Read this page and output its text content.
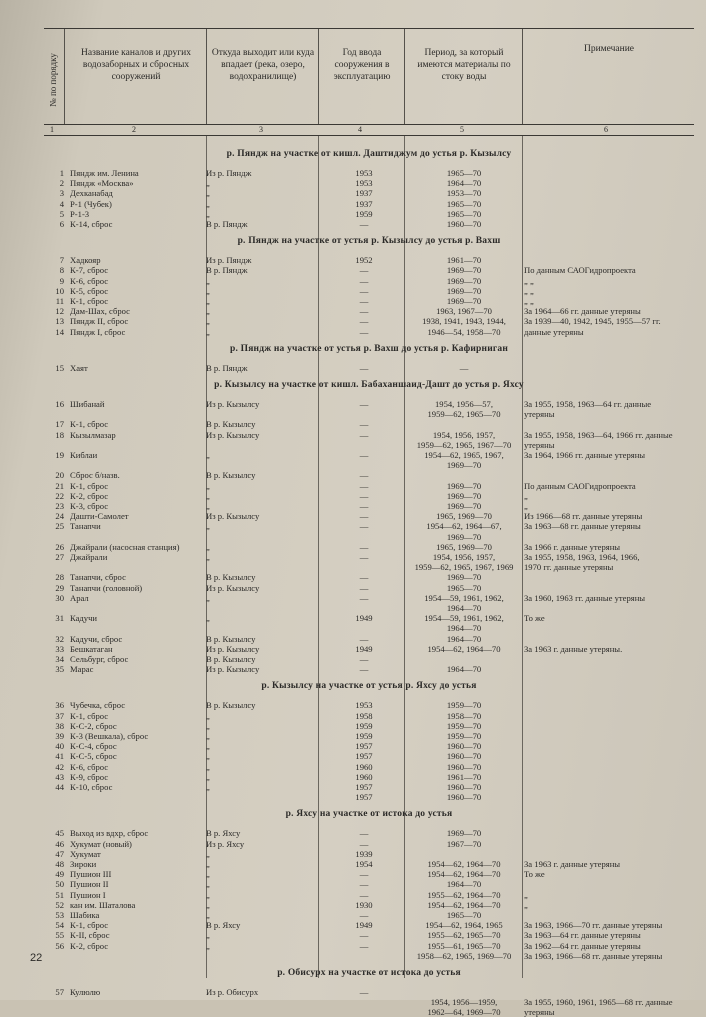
№ по порядку
Название каналов и других водозаборных и сбросных сооружений
Откуда выходит или куда впадает (река, озеро, водохранилище)
Год ввода сооружения в эксплуатацию
Период, за который имеются материалы по стоку воды
Примечание
1	2	3	4	5	6
р. Пяндж на участке от кишл. Даштиджум до устья р. Кызылсу
1 Пяндж им. Ленина	Из р. Пяндж	1953	1965—70
2 Пяндж «Москва»	„	1953	1964—70
3 Дехканабад	„	1937	1953—70
4 Р-1 (Чубек)	„	1937	1965—70
5 Р-1-3	„	1959	1965—70
6 К-14, сброс	В р. Пяндж	—	1960—70
р. Пяндж на участке от устья р. Кызылсу до устья р. Вахш
7 Хадкояр	Из р. Пяндж	1952	1961—70
8 К-7, сброс	В р. Пяндж	—	1969—70	По данным САОГидропроекта
9 К-6, сброс	„	—	1969—70	„ „
10 К-5, сброс	„	—	1969—70	„ „
11 К-1, сброс	„	—	1969—70	„ „
12 Дам-Шах, сброс	„	—	1963, 1967—70	За 1964—66 гг. данные утеряны
13 Пяндж II, сброс	„	—	1938, 1941, 1943, 1944,	За 1939—40, 1942, 1945, 1955—57 гг.
14 Пяндж I, сброс	„	—	1946—54, 1958—70	данные утеряны
р. Пяндж на участке от устья р. Вахш до устья р. Кафирниган
15 Хаят	В р. Пяндж	—	—
р. Кызылсу на участке от кишл. Бабаханшаид-Дашт до устья р. Яхсу
16 Шибанай	Из р. Кызылсу	—	1954, 1956—57,	За 1955, 1958, 1963—64 гг. данные
1959—62, 1965—70	утеряны
17 К-1, сброс	В р. Кызылсу	—
18 Кызылмазар	Из р. Кызылсу	—	1954, 1956, 1957,	За 1955, 1958, 1963—64, 1966 гг. данные
1959—62, 1965, 1967—70	утеряны
19 Киблаи	„	—	1954—62, 1965, 1967,	За 1964, 1966 гг. данные утеряны
1969—70
20 Сброс б/назв.	В р. Кызылсу	—
21 К-1, сброс	„	—	1969—70	По данным САОГидропроекта
22 К-2, сброс	„	—	1969—70	„
23 К-3, сброс	„	—	1969—70	„
24 Дашти-Самолет	Из р. Кызылсу	—	1965, 1969—70	Из 1966—68 гг. данные утеряны
25 Танапчи	„	—	1954—62, 1964—67,	За 1963—68 гг. данные утеряны
1969—70
26 Джайрали (насосная станция)	„	—	1965, 1969—70	За 1966 г. данные утеряны
27 Джайрали	„	—	1954, 1956, 1957,	За 1955, 1958, 1963, 1964, 1966,
1959—62, 1965, 1967, 1969	1970 гг. данные утеряны
28 Танапчи, сброс	В р. Кызылсу	—	1969—70
29 Танапчи (головной)	Из р. Кызылсу	—	1965—70
30 Арал	„	—	1954—59, 1961, 1962,	За 1960, 1963 гг. данные утеряны
1964—70
31 Кадучи	„	1949	1954—59, 1961, 1962,	То же
1964—70
32 Кадучи, сброс	В р. Кызылсу	—	1964—70
33 Бешкатаган	Из р. Кызылсу	1949	1954—62, 1964—70	За 1963 г. данные утеряны.
34 Сельбург, сброс	В р. Кызылсу	—
35 Марас	Из р. Кызылсу	—	1964—70
р. Кызылсу на участке от устья р. Яхсу до устья
36 Чубечка, сброс	В р. Кызылсу	1953	1959—70
37 К-1, сброс	„	1958	1958—70
38 К-С-2, сброс	„	1959	1959—70
39 К-3 (Вешкала), сброс	„	1959	1959—70
40 К-С-4, сброс	„	1957	1960—70
41 К-С-5, сброс	„	1957	1960—70
42 К-6, сброс	„	1960	1960—70
43 К-9, сброс	„	1960	1961—70
44 К-10, сброс	„	1957	1960—70
1957	1960—70
р. Яхсу на участке от истока до устья
45 Выход из вдхр, сброс	В р. Яхсу	—	1969—70
46 Хукумат (новый)	Из р. Яхсу	—	1967—70
47 Хукумат	„	1939
48 Зироки	„	1954	1954—62, 1964—70	За 1963 г. данные утеряны
49 Пушион III	„	—	1954—62, 1964—70	То же
50 Пушион II	„	—	1964—70
51 Пушион I	„	—	1955—62, 1964—70	„
52 кан им. Шаталова	„	1930	1954—62, 1964—70	„
53 Шабика	„	—	1965—70
54 К-1, сброс	В р. Яхсу	1949	1954—62, 1964, 1965	За 1963, 1966—70 гг. данные утеряны
55 К-II, сброс	„	—	1955—62, 1965—70	За 1963—64 гг. данные утеряны
56 К-2, сброс	„	—	1955—61, 1965—70	За 1962—64 гг. данные утеряны
1958—62, 1965, 1969—70	За 1963, 1966—68 гг. данные утеряны
р. Обисурх на участке от истока до устья
57 Кулюлю	Из р. Обисурх	—
1954, 1956—1959,	За 1955, 1960, 1961, 1965—68 гг. данные
1962—64, 1969—70	утеряны
22
